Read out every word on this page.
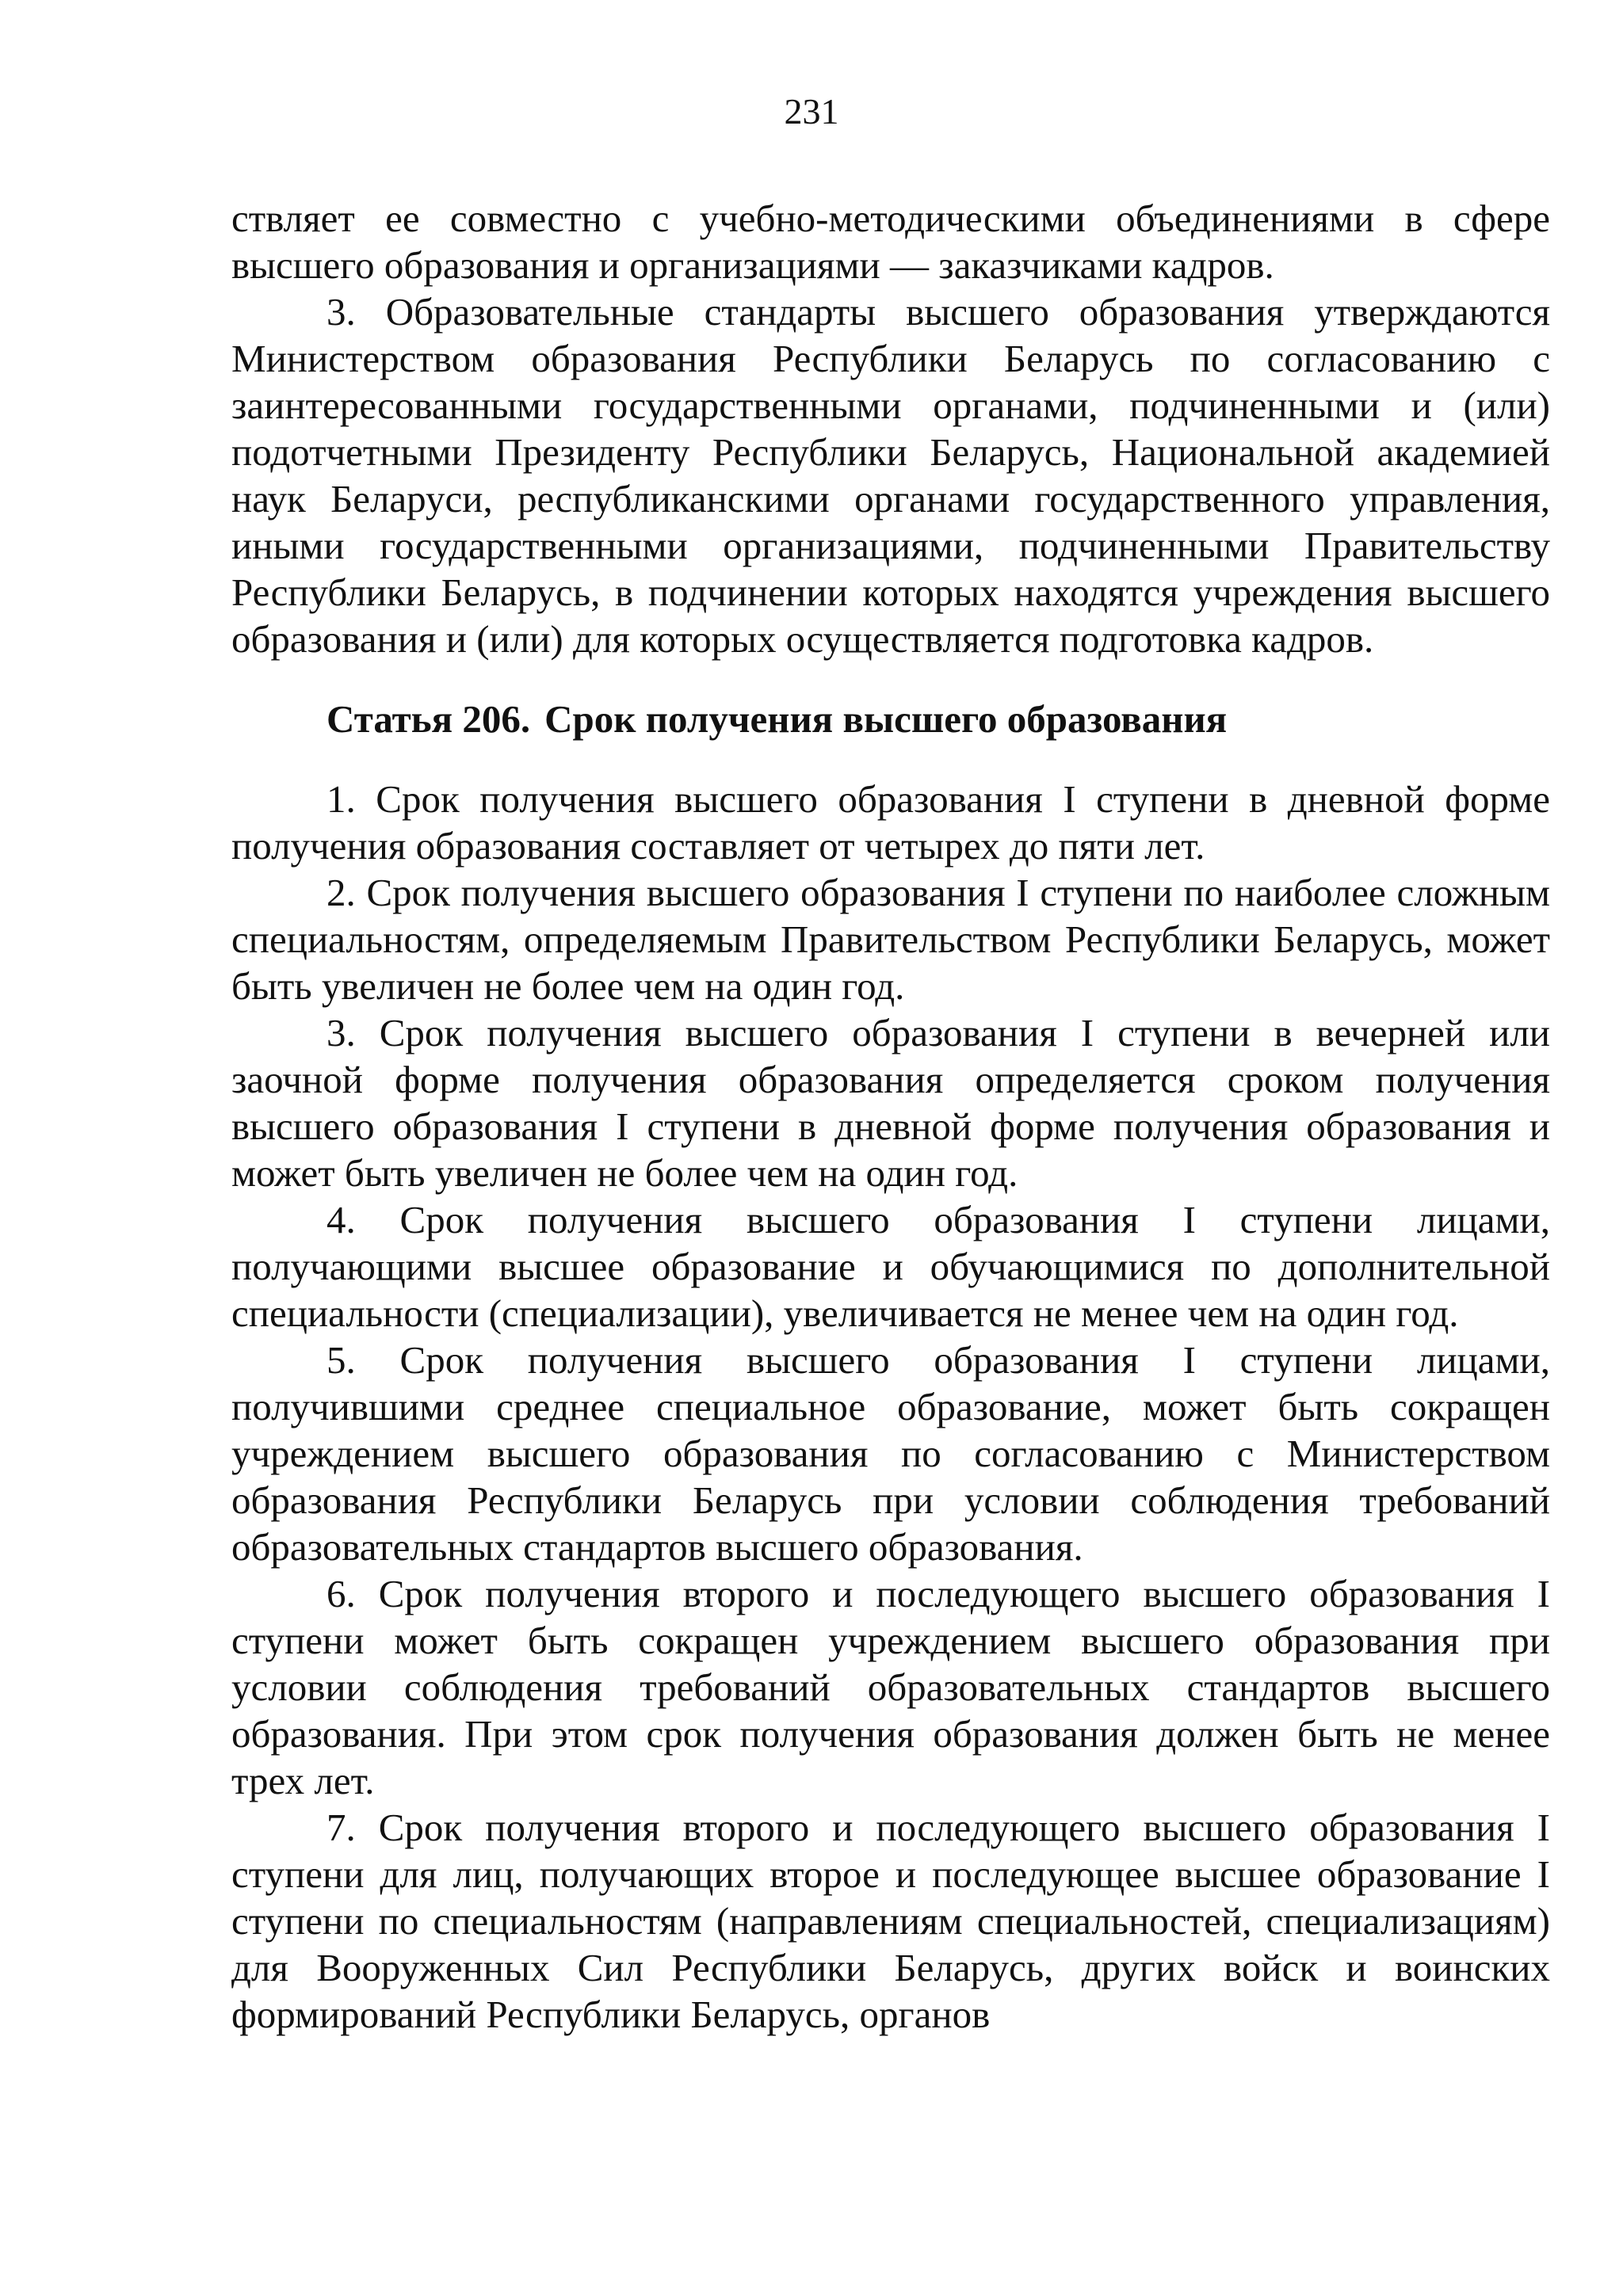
231

ствляет ее совместно с учебно-методическими объединениями в сфере высшего образования и организациями — заказчиками кадров.

3. Образовательные стандарты высшего образования утверждаются Министерством образования Республики Беларусь по согласованию с заинтересованными государственными органами, подчиненными и (или) подотчетными Президенту Республики Беларусь, Национальной академией наук Беларуси, республиканскими органами государственного управления, иными государственными организациями, подчиненными Правительству Республики Беларусь, в подчинении которых находятся учреждения высшего образования и (или) для которых осуществляется подготовка кадров.

Статья 206. Срок получения высшего образования

1. Срок получения высшего образования I ступени в дневной форме получения образования составляет от четырех до пяти лет.

2. Срок получения высшего образования I ступени по наиболее сложным специальностям, определяемым Правительством Республики Беларусь, может быть увеличен не более чем на один год.

3. Срок получения высшего образования I ступени в вечерней или заочной форме получения образования определяется сроком получения высшего образования I ступени в дневной форме получения образования и может быть увеличен не более чем на один год.

4. Срок получения высшего образования I ступени лицами, получающими высшее образование и обучающимися по дополнительной специальности (специализации), увеличивается не менее чем на один год.

5. Срок получения высшего образования I ступени лицами, получившими среднее специальное образование, может быть сокращен учреждением высшего образования по согласованию с Министерством образования Республики Беларусь при условии соблюдения требований образовательных стандартов высшего образования.

6. Срок получения второго и последующего высшего образования I ступени может быть сокращен учреждением высшего образования при условии соблюдения требований образовательных стандартов высшего образования. При этом срок получения образования должен быть не менее трех лет.

7. Срок получения второго и последующего высшего образования I ступени для лиц, получающих второе и последующее высшее образование I ступени по специальностям (направлениям специальностей, специализациям) для Вооруженных Сил Республики Беларусь, других войск и воинских формирований Республики Беларусь, органов
